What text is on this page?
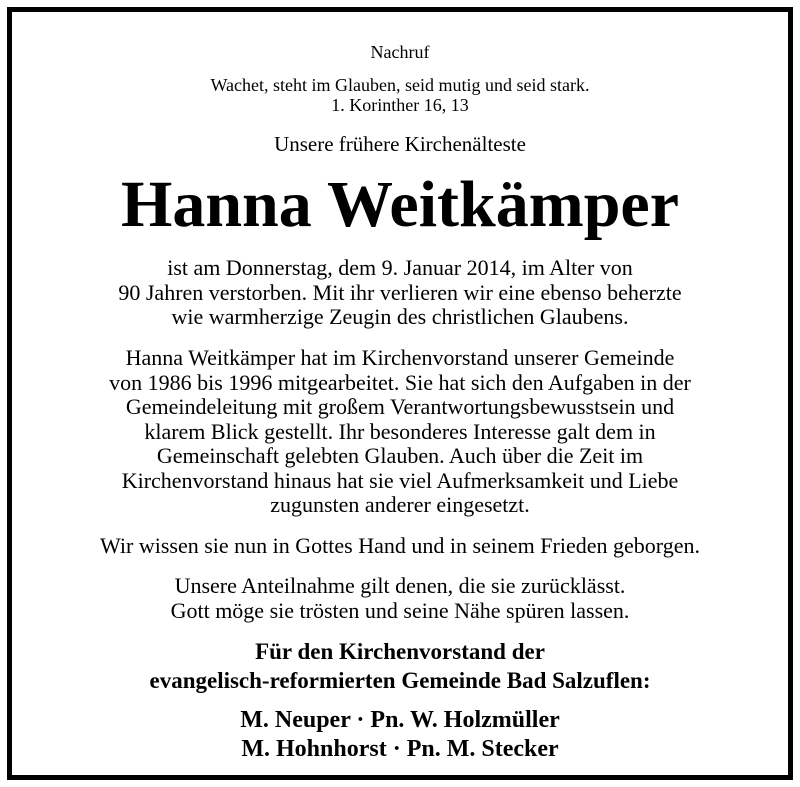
Nachruf
Wachet, steht im Glauben, seid mutig und seid stark.
1. Korinther 16, 13
Unsere frühere Kirchenälteste
Hanna Weitkämper
ist am Donnerstag, dem 9. Januar 2014, im Alter von
90 Jahren verstorben. Mit ihr verlieren wir eine ebenso beherzte
wie warmherzige Zeugin des christlichen Glaubens.
Hanna Weitkämper hat im Kirchenvorstand unserer Gemeinde
von 1986 bis 1996 mitgearbeitet. Sie hat sich den Aufgaben in der
Gemeindeleitung mit großem Verantwortungsbewusstsein und
klarem Blick gestellt. Ihr besonderes Interesse galt dem in
Gemeinschaft gelebten Glauben. Auch über die Zeit im
Kirchenvorstand hinaus hat sie viel Aufmerksamkeit und Liebe
zugunsten anderer eingesetzt.
Wir wissen sie nun in Gottes Hand und in seinem Frieden geborgen.
Unsere Anteilnahme gilt denen, die sie zurücklässt.
Gott möge sie trösten und seine Nähe spüren lassen.
Für den Kirchenvorstand der
evangelisch-reformierten Gemeinde Bad Salzuflen:
M. Neuper · Pn. W. Holzmüller
M. Hohnhorst · Pn. M. Stecker
